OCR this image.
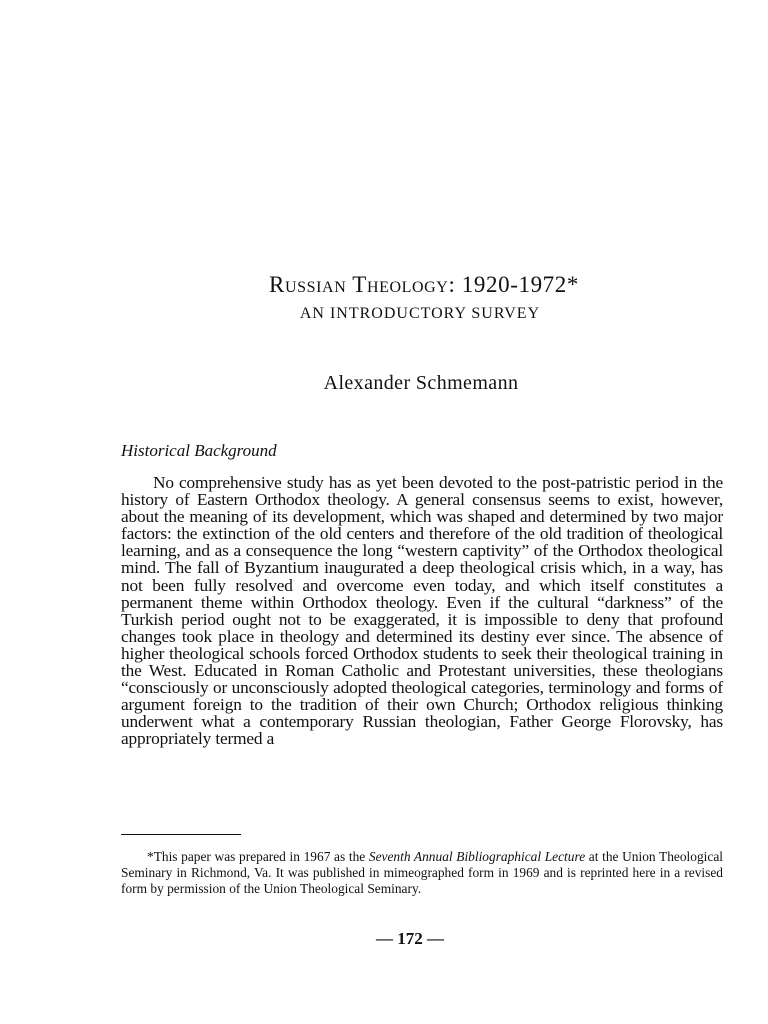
Russian Theology: 1920-1972*
AN INTRODUCTORY SURVEY
Alexander Schmemann
Historical Background

No comprehensive study has as yet been devoted to the post-patristic period in the history of Eastern Orthodox theology. A general consensus seems to exist, however, about the meaning of its development, which was shaped and determined by two major factors: the extinction of the old centers and therefore of the old tradition of theological learning, and as a consequence the long “western captivity” of the Orthodox theological mind. The fall of Byzantium inaugurated a deep theological crisis which, in a way, has not been fully resolved and overcome even today, and which itself constitutes a permanent theme within Orthodox theology. Even if the cultural “darkness” of the Turkish period ought not to be exaggerated, it is impossible to deny that profound changes took place in theology and determined its destiny ever since. The absence of higher theological schools forced Orthodox students to seek their theological training in the West. Educated in Roman Catholic and Protestant universities, these theologians “consciously or unconsciously adopted theological categories, terminology and forms of argument foreign to the tradition of their own Church; Orthodox religious thinking underwent what a contemporary Russian theologian, Father George Florovsky, has appropriately termed a

*This paper was prepared in 1967 as the Seventh Annual Bibliographical Lecture at the Union Theological Seminary in Richmond, Va. It was published in mimeographed form in 1969 and is reprinted here in a revised form by permission of the Union Theological Seminary.

— 172 —
